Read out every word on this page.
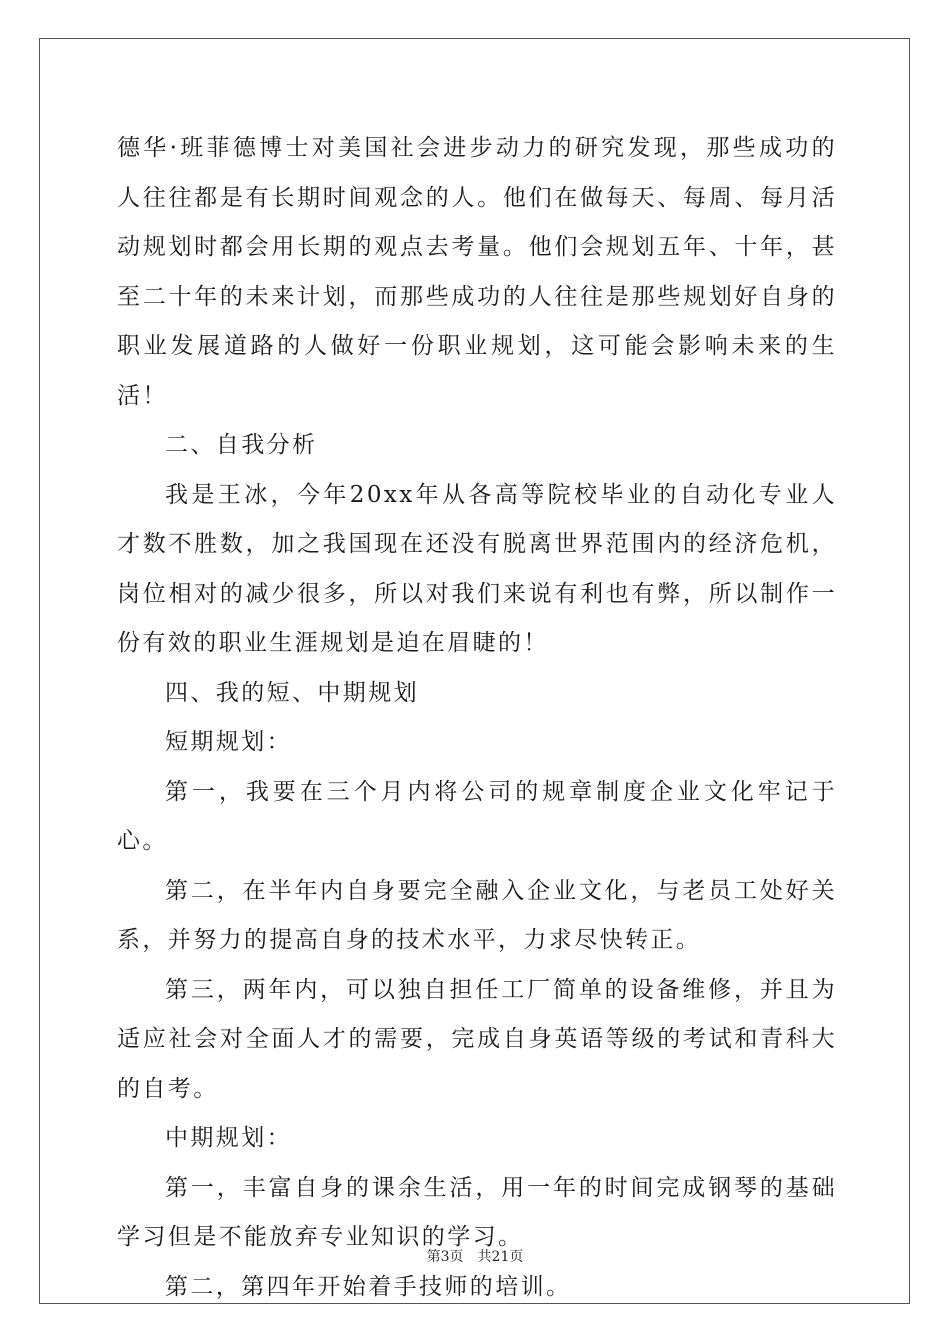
德华·班菲德博士对美国社会进步动力的研究发现，那些成功的人往往都是有长期时间观念的人。他们在做每天、每周、每月活动规划时都会用长期的观点去考量。他们会规划五年、十年，甚至二十年的未来计划，而那些成功的人往往是那些规划好自身的职业发展道路的人做好一份职业规划，这可能会影响未来的生活！

二、自我分析

我是王冰，今年20xx年从各高等院校毕业的自动化专业人才数不胜数，加之我国现在还没有脱离世界范围内的经济危机，岗位相对的减少很多，所以对我们来说有利也有弊，所以制作一份有效的职业生涯规划是迫在眉睫的！

四、我的短、中期规划

短期规划：

第一，我要在三个月内将公司的规章制度企业文化牢记于心。

第二，在半年内自身要完全融入企业文化，与老员工处好关系，并努力的提高自身的技术水平，力求尽快转正。

第三，两年内，可以独自担任工厂简单的设备维修，并且为适应社会对全面人才的需要，完成自身英语等级的考试和青科大的自考。

中期规划：

第一，丰富自身的课余生活，用一年的时间完成钢琴的基础学习但是不能放弃专业知识的学习。

第二，第四年开始着手技师的培训。

第3页 共21页
